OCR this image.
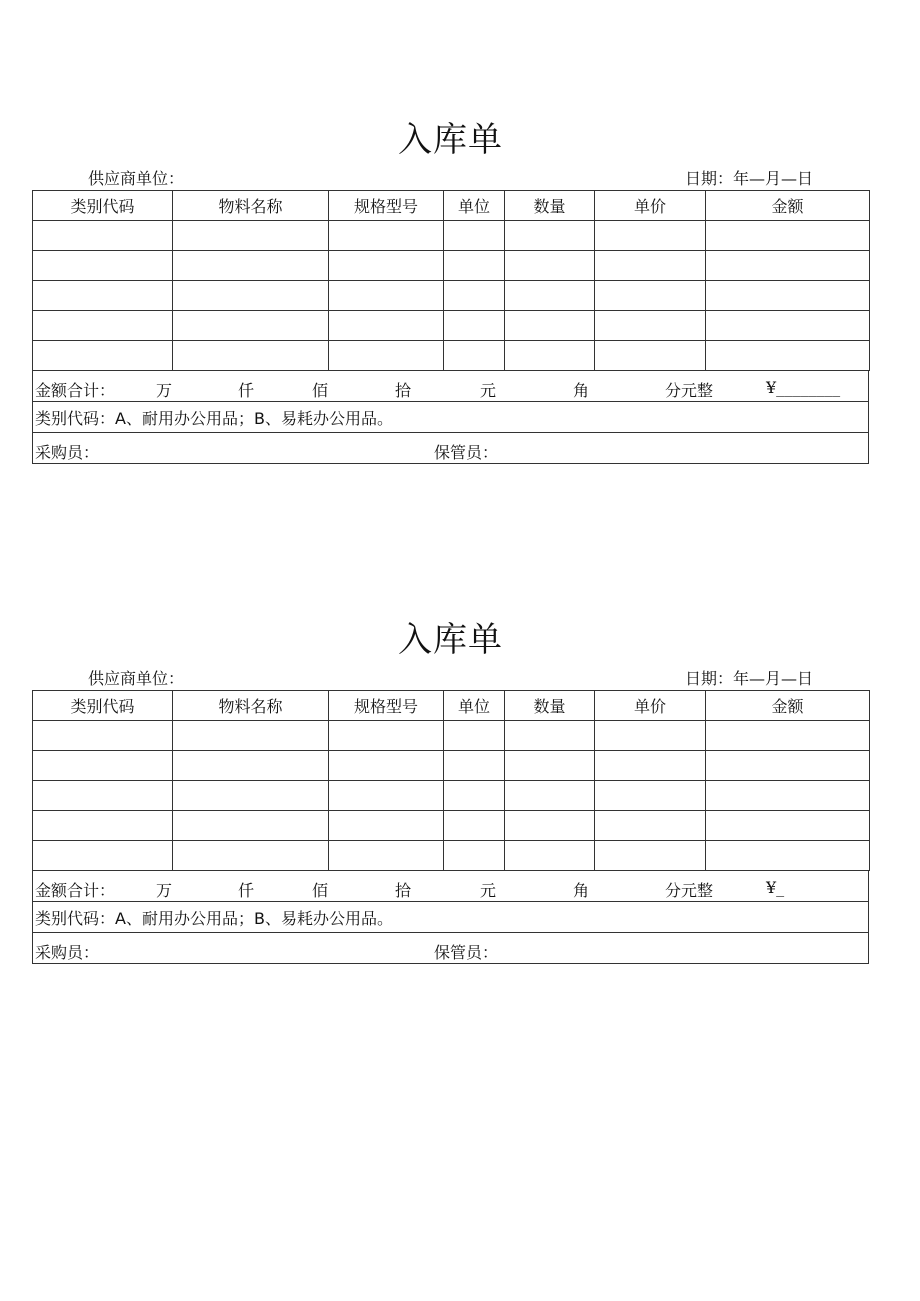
入库单
供应商单位：	日期：年—月—日
类别代码	物料名称	规格型号	单位	数量	单价	金额

金额合计：	万	仟	佰	拾	元	角	分元整	¥________
类别代码：A、耐用办公用品；B、易耗办公用品。
采购员：	保管员：
入库单
供应商单位：	日期：年—月—日
类别代码	物料名称	规格型号	单位	数量	单价	金额

金额合计：	万	仟	佰	拾	元	角	分元整	¥_
类别代码：A、耐用办公用品；B、易耗办公用品。
采购员：	保管员：
